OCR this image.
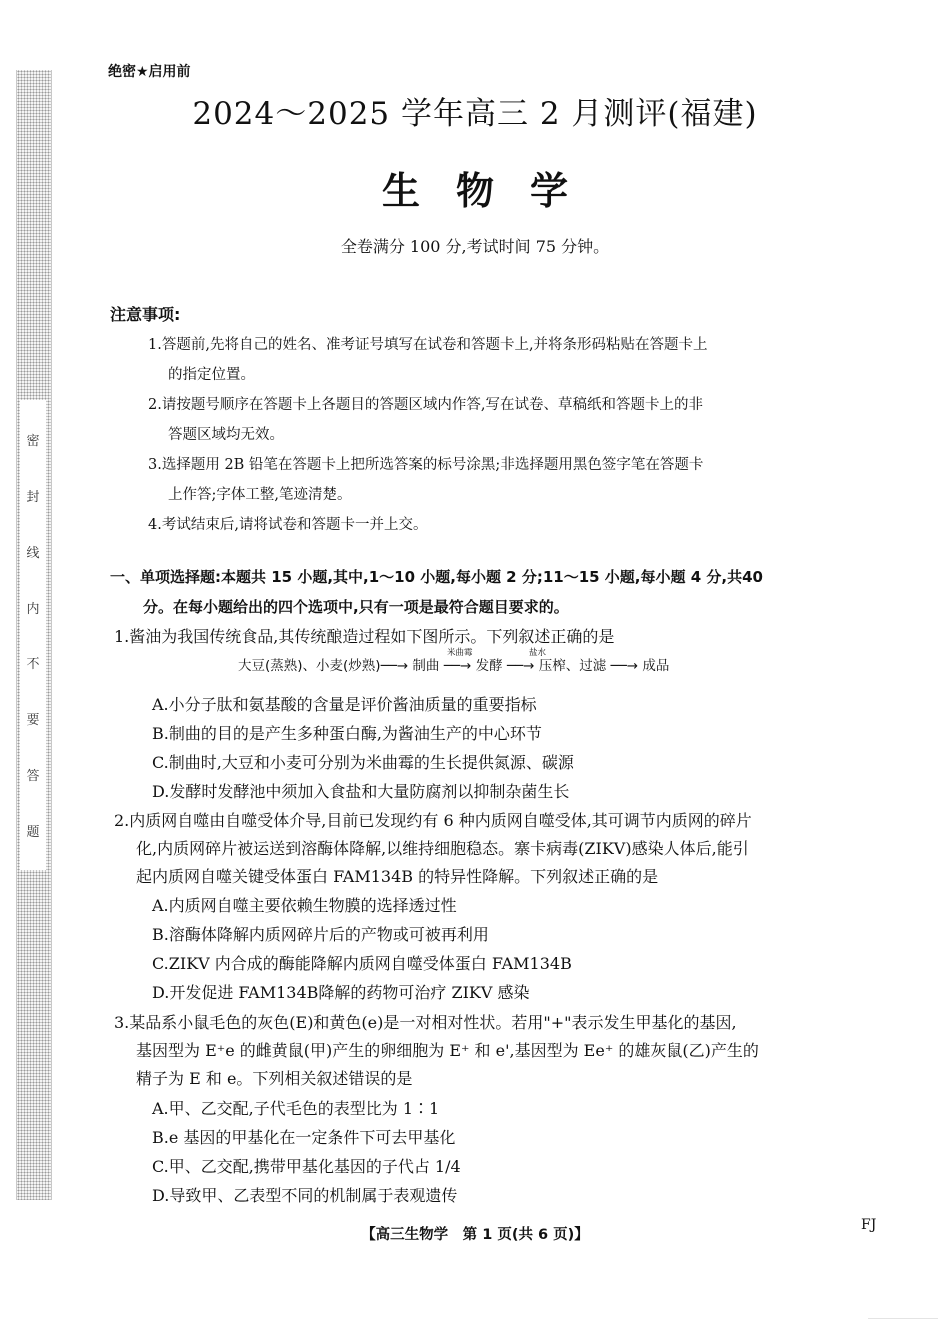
密
封
线
内
不
要
答
题
绝密★启用前
2024～2025 学年高三 2 月测评(福建)
生物学
全卷满分 100 分,考试时间 75 分钟。
注意事项:
1.答题前,先将自己的姓名、准考证号填写在试卷和答题卡上,并将条形码粘贴在答题卡上
的指定位置。
2.请按题号顺序在答题卡上各题目的答题区域内作答,写在试卷、草稿纸和答题卡上的非
答题区域均无效。
3.选择题用 2B 铅笔在答题卡上把所选答案的标号涂黑;非选择题用黑色签字笔在答题卡
上作答;字体工整,笔迹清楚。
4.考试结束后,请将试卷和答题卡一并上交。
一、单项选择题:本题共 15 小题,其中,1～10 小题,每小题 2 分;11～15 小题,每小题 4 分,共40
分。在每小题给出的四个选项中,只有一项是最符合题目要求的。
1.酱油为我国传统食品,其传统酿造过程如下图所示。下列叙述正确的是
米曲霉	盐水
大豆(蒸熟)、小麦(炒熟)──→ 制曲 ──→ 发酵 ──→ 压榨、过滤 ──→ 成品
A.小分子肽和氨基酸的含量是评价酱油质量的重要指标
B.制曲的目的是产生多种蛋白酶,为酱油生产的中心环节
C.制曲时,大豆和小麦可分别为米曲霉的生长提供氮源、碳源
D.发酵时发酵池中须加入食盐和大量防腐剂以抑制杂菌生长
2.内质网自噬由自噬受体介导,目前已发现约有 6 种内质网自噬受体,其可调节内质网的碎片
化,内质网碎片被运送到溶酶体降解,以维持细胞稳态。寨卡病毒(ZIKV)感染人体后,能引
起内质网自噬关键受体蛋白 FAM134B 的特异性降解。下列叙述正确的是
A.内质网自噬主要依赖生物膜的选择透过性
B.溶酶体降解内质网碎片后的产物或可被再利用
C.ZIKV 内合成的酶能降解内质网自噬受体蛋白 FAM134B
D.开发促进 FAM134B降解的药物可治疗 ZIKV 感染
3.某品系小鼠毛色的灰色(E)和黄色(e)是一对相对性状。若用"+"表示发生甲基化的基因,
基因型为 E⁺e 的雌黄鼠(甲)产生的卵细胞为 E⁺ 和 e',基因型为 Ee⁺ 的雄灰鼠(乙)产生的
精子为 E 和 e。下列相关叙述错误的是
A.甲、乙交配,子代毛色的表型比为 1∶1
B.e 基因的甲基化在一定条件下可去甲基化
C.甲、乙交配,携带甲基化基因的子代占 1/4
D.导致甲、乙表型不同的机制属于表观遗传
【高三生物学　第 1 页(共 6 页)】
FJ
